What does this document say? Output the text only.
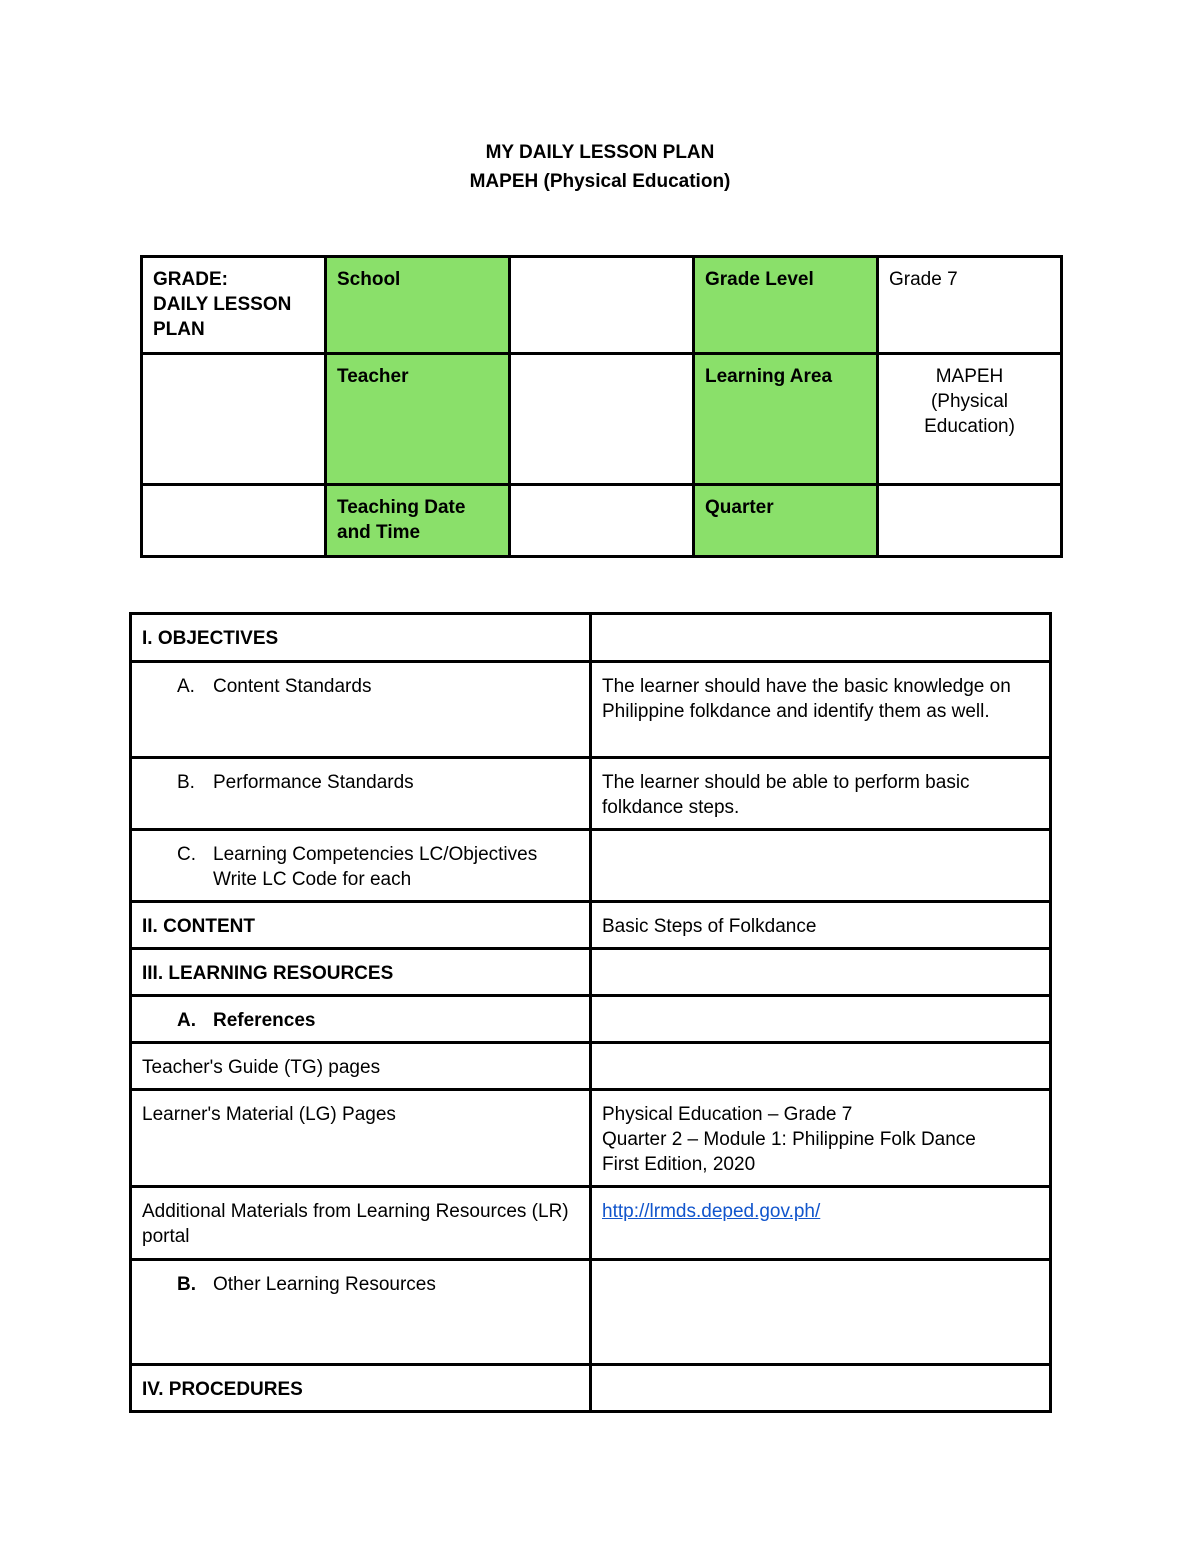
MY DAILY LESSON PLAN
MAPEH (Physical Education)
GRADE:
DAILY LESSON PLAN	School		Grade Level	Grade 7
	Teacher		Learning Area	MAPEH
(Physical
Education)
	Teaching Date and Time		Quarter	
I. OBJECTIVES	

A. Content Standards	The learner should have the basic knowledge on Philippine folkdance and identify them as well.

B. Performance Standards	The learner should be able to perform basic folkdance steps.

C. Learning Competencies LC/Objectives Write LC Code for each	

II. CONTENT	Basic Steps of Folkdance
III. LEARNING RESOURCES	

A. References	

Teacher's Guide (TG) pages	
Learner's Material (LG) Pages	Physical Education – Grade 7
Quarter 2 – Module 1: Philippine Folk Dance
First Edition, 2020
Additional Materials from Learning Resources (LR) portal	http://lrmds.deped.gov.ph/

B. Other Learning Resources	

IV. PROCEDURES	
